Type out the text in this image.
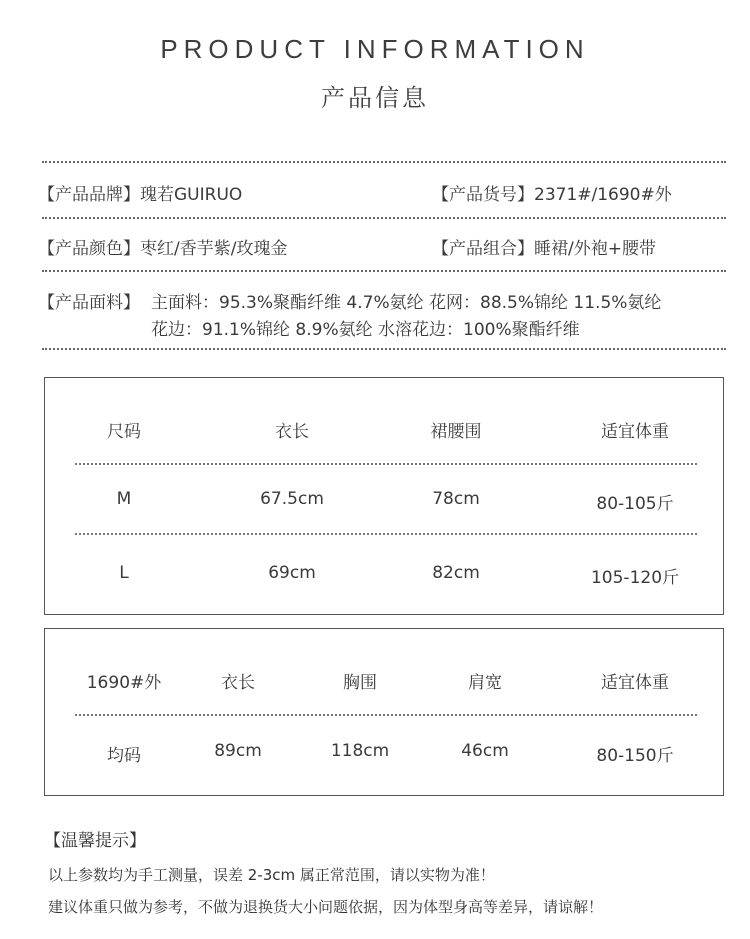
PRODUCT INFORMATION
产品信息
【产品品牌】瑰若GUIRUO	【产品货号】2371#/1690#外
【产品颜色】枣红/香芋紫/玫瑰金	【产品组合】睡裙/外袍+腰带
【产品面料】 主面料：95.3%聚酯纤维 4.7%氨纶 花网：88.5%锦纶 11.5%氨纶
花边：91.1%锦纶 8.9%氨纶 水溶花边：100%聚酯纤维
尺码	衣长	裙腰围	适宜体重
M	67.5cm	78cm	80-105斤
L	69cm	82cm	105-120斤
1690#外	衣长	胸围	肩宽	适宜体重
均码	89cm	118cm	46cm	80-150斤
【温馨提示】
以上参数均为手工测量，误差 2-3cm 属正常范围，请以实物为准！
建议体重只做为参考，不做为退换货大小问题依据，因为体型身高等差异，请谅解！
